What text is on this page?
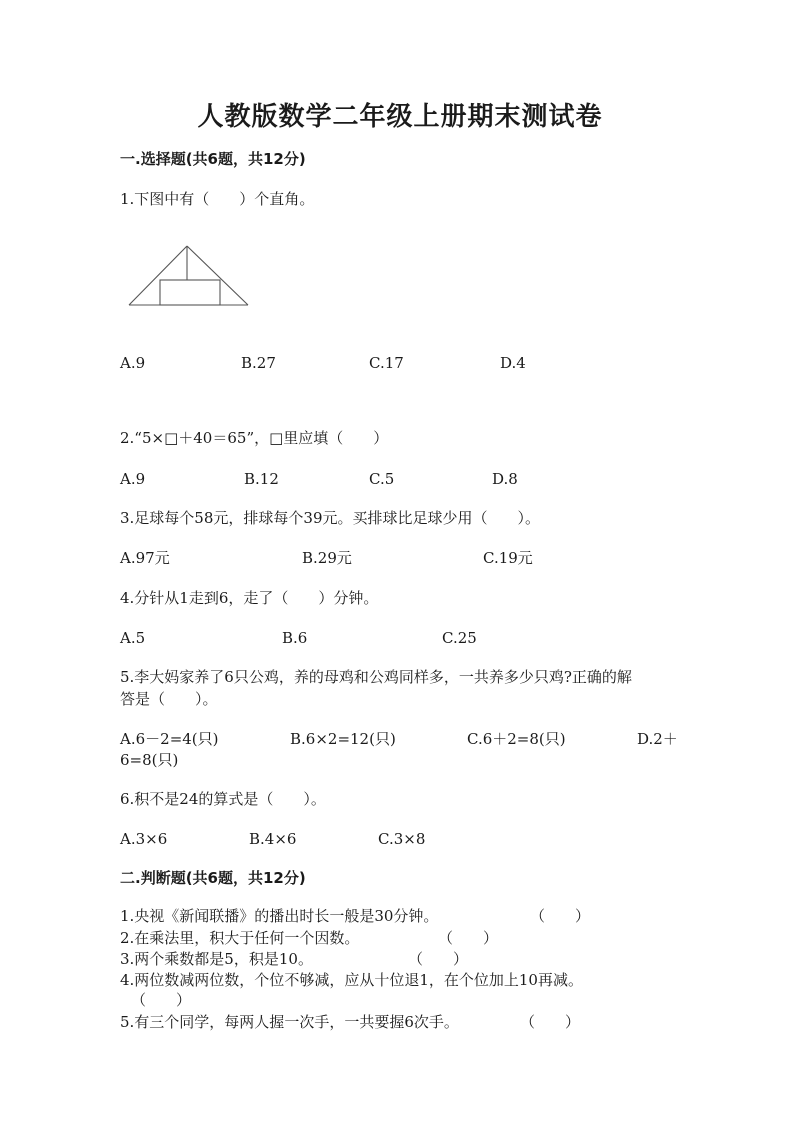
人教版数学二年级上册期末测试卷
一.选择题(共6题，共12分)
1.下图中有（　　）个直角。
A.9	B.27	C.17	D.4
2.“5×□＋40＝65”，□里应填（　　）
A.9	B.12	C.5	D.8
3.足球每个58元，排球每个39元。买排球比足球少用（　　）。
A.97元	B.29元	C.19元
4.分针从1走到6，走了（　　）分钟。
A.5	B.6	C.25
5.李大妈家养了6只公鸡，养的母鸡和公鸡同样多，一共养多少只鸡?正确的解
答是（　　）。
A.6－2=4(只)	B.6×2=12(只)	C.6＋2=8(只)	D.2＋
6=8(只)
6.积不是24的算式是（　　）。
A.3×6	B.4×6	C.3×8
二.判断题(共6题，共12分)
1.央视《新闻联播》的播出时长一般是30分钟。	（　　）
2.在乘法里，积大于任何一个因数。	（　　）
3.两个乘数都是5，积是10。	（　　）
4.两位数减两位数，个位不够减，应从十位退1，在个位加上10再减。
（　　）
5.有三个同学，每两人握一次手，一共要握6次手。	（　　）
